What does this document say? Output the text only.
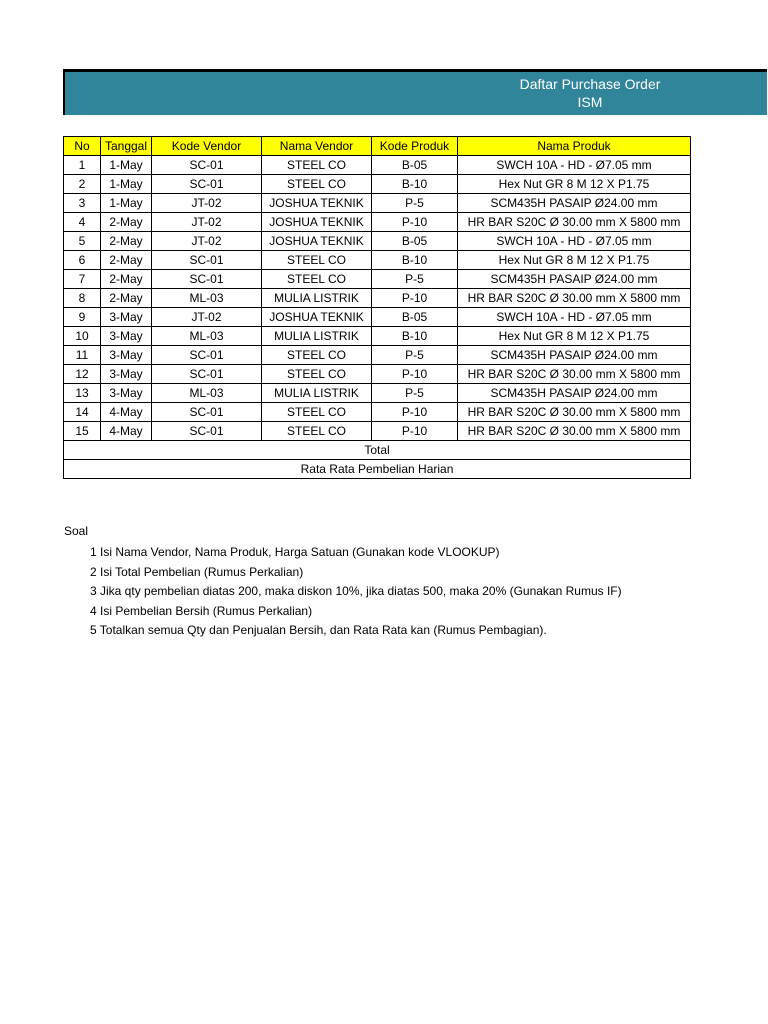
Daftar Purchase Order
ISM
No	Tanggal	Kode Vendor	Nama Vendor	Kode Produk	Nama Produk
1	1-May	SC-01	STEEL CO	B-05	SWCH 10A - HD - Ø7.05 mm
2	1-May	SC-01	STEEL CO	B-10	Hex Nut GR 8 M 12 X P1.75
3	1-May	JT-02	JOSHUA TEKNIK	P-5	SCM435H PASAIP Ø24.00 mm
4	2-May	JT-02	JOSHUA TEKNIK	P-10	HR BAR S20C Ø 30.00 mm X 5800 mm
5	2-May	JT-02	JOSHUA TEKNIK	B-05	SWCH 10A - HD - Ø7.05 mm
6	2-May	SC-01	STEEL CO	B-10	Hex Nut GR 8 M 12 X P1.75
7	2-May	SC-01	STEEL CO	P-5	SCM435H PASAIP Ø24.00 mm
8	2-May	ML-03	MULIA LISTRIK	P-10	HR BAR S20C Ø 30.00 mm X 5800 mm
9	3-May	JT-02	JOSHUA TEKNIK	B-05	SWCH 10A - HD - Ø7.05 mm
10	3-May	ML-03	MULIA LISTRIK	B-10	Hex Nut GR 8 M 12 X P1.75
11	3-May	SC-01	STEEL CO	P-5	SCM435H PASAIP Ø24.00 mm
12	3-May	SC-01	STEEL CO	P-10	HR BAR S20C Ø 30.00 mm X 5800 mm
13	3-May	ML-03	MULIA LISTRIK	P-5	SCM435H PASAIP Ø24.00 mm
14	4-May	SC-01	STEEL CO	P-10	HR BAR S20C Ø 30.00 mm X 5800 mm
15	4-May	SC-01	STEEL CO	P-10	HR BAR S20C Ø 30.00 mm X 5800 mm
Total					
Rata Rata Pembelian Harian					
Soal
1 Isi Nama Vendor, Nama Produk, Harga Satuan (Gunakan kode VLOOKUP)
2 Isi Total Pembelian (Rumus Perkalian)
3 Jika qty pembelian diatas 200, maka diskon 10%, jika diatas 500, maka 20% (Gunakan Rumus IF)
4 Isi Pembelian Bersih (Rumus Perkalian)
5 Totalkan semua Qty dan Penjualan Bersih, dan Rata Rata kan (Rumus Pembagian).
